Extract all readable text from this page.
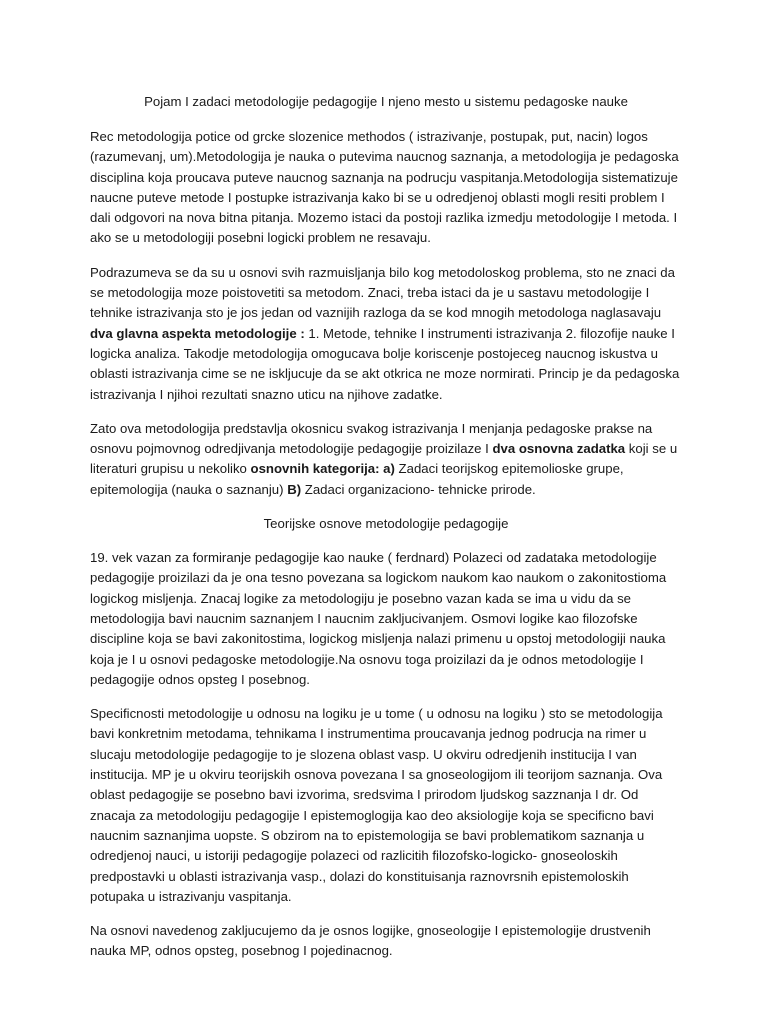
Pojam I zadaci metodologije pedagogije I njeno mesto u sistemu pedagoske nauke

Rec metodologija potice od grcke slozenice methodos ( istrazivanje, postupak, put, nacin) logos (razumevanj, um).Metodologija je nauka o putevima naucnog saznanja, a metodologija je pedagoska disciplina koja proucava puteve naucnog saznanja na podrucju vaspitanja.Metodologija sistematizuje naucne puteve metode I postupke istrazivanja kako bi se u odredjenoj oblasti mogli resiti problem I dali odgovori na nova bitna pitanja. Mozemo istaci da postoji razlika izmedju metodologije I metoda. I ako se u metodologiji posebni logicki problem ne resavaju.

Podrazumeva se da su u osnovi svih razmuisljanja bilo kog metodoloskog problema, sto ne znaci da se metodologija moze poistovetiti sa metodom. Znaci, treba istaci da je u sastavu metodologije I tehnike istrazivanja sto je jos jedan od vaznijih razloga da se kod mnogih metodologa naglasavaju dva glavna aspekta metodologije : 1. Metode, tehnike I instrumenti istrazivanja 2. filozofije nauke I logicka analiza. Takodje metodologija omogucava bolje koriscenje postojeceg naucnog iskustva u oblasti istrazivanja cime se ne iskljucuje da se akt otkrica ne moze normirati. Princip je da pedagoska istrazivanja I njihoi rezultati snazno uticu na njihove zadatke.

Zato ova metodologija predstavlja okosnicu svakog istrazivanja I menjanja pedagoske prakse na osnovu pojmovnog odredjivanja metodologije pedagogije proizilaze I dva osnovna zadatka koji se u literaturi grupisu u nekoliko osnovnih kategorija: a) Zadaci teorijskog epitemolioske grupe, epitemologija (nauka o saznanju) B) Zadaci organizaciono- tehnicke prirode.

Teorijske osnove metodologije pedagogije

19. vek vazan za formiranje pedagogije kao nauke ( ferdnard) Polazeci od zadataka metodologije pedagogije proizilazi da je ona tesno povezana sa logickom naukom kao naukom o zakonitostioma logickog misljenja. Znacaj logike za metodologiju je posebno vazan kada se ima u vidu da se metodologija bavi naucnim saznanjem I naucnim zakljucivanjem. Osmovi logike kao filozofske discipline koja se bavi zakonitostima, logickog misljenja nalazi primenu u opstoj metodologiji nauka koja je I u osnovi pedagoske metodologije.Na osnovu toga proizilazi da je odnos metodologije I pedagogije odnos opsteg I posebnog.

Specificnosti metodologije u odnosu na logiku je u tome ( u odnosu na logiku ) sto se metodologija bavi konkretnim metodama, tehnikama I instrumentima proucavanja jednog podrucja na rimer u slucaju metodologije pedagogije to je slozena oblast vasp. U okviru odredjenih institucija I van institucija. MP je u okviru teorijskih osnova povezana I sa gnoseologijom ili teorijom saznanja. Ova oblast pedagogije se posebno bavi izvorima, sredsvima I prirodom ljudskog sazznanja I dr. Od znacaja za metodologiju pedagogije I epistemoglogija kao deo aksiologije koja se specificno bavi naucnim saznanjima uopste. S obzirom na to epistemologija se bavi problematikom saznanja u odredjenoj nauci, u istoriji pedagogije polazeci od razlicitih filozofsko-logicko- gnoseoloskih predpostavki u oblasti istrazivanja vasp., dolazi do konstituisanja raznovrsnih epistemoloskih potupaka u istrazivanju vaspitanja.

Na osnovi navedenog zakljucujemo da je osnos logijke, gnoseologije I epistemologije drustvenih nauka MP, odnos opsteg, posebnog I pojedinacnog.
